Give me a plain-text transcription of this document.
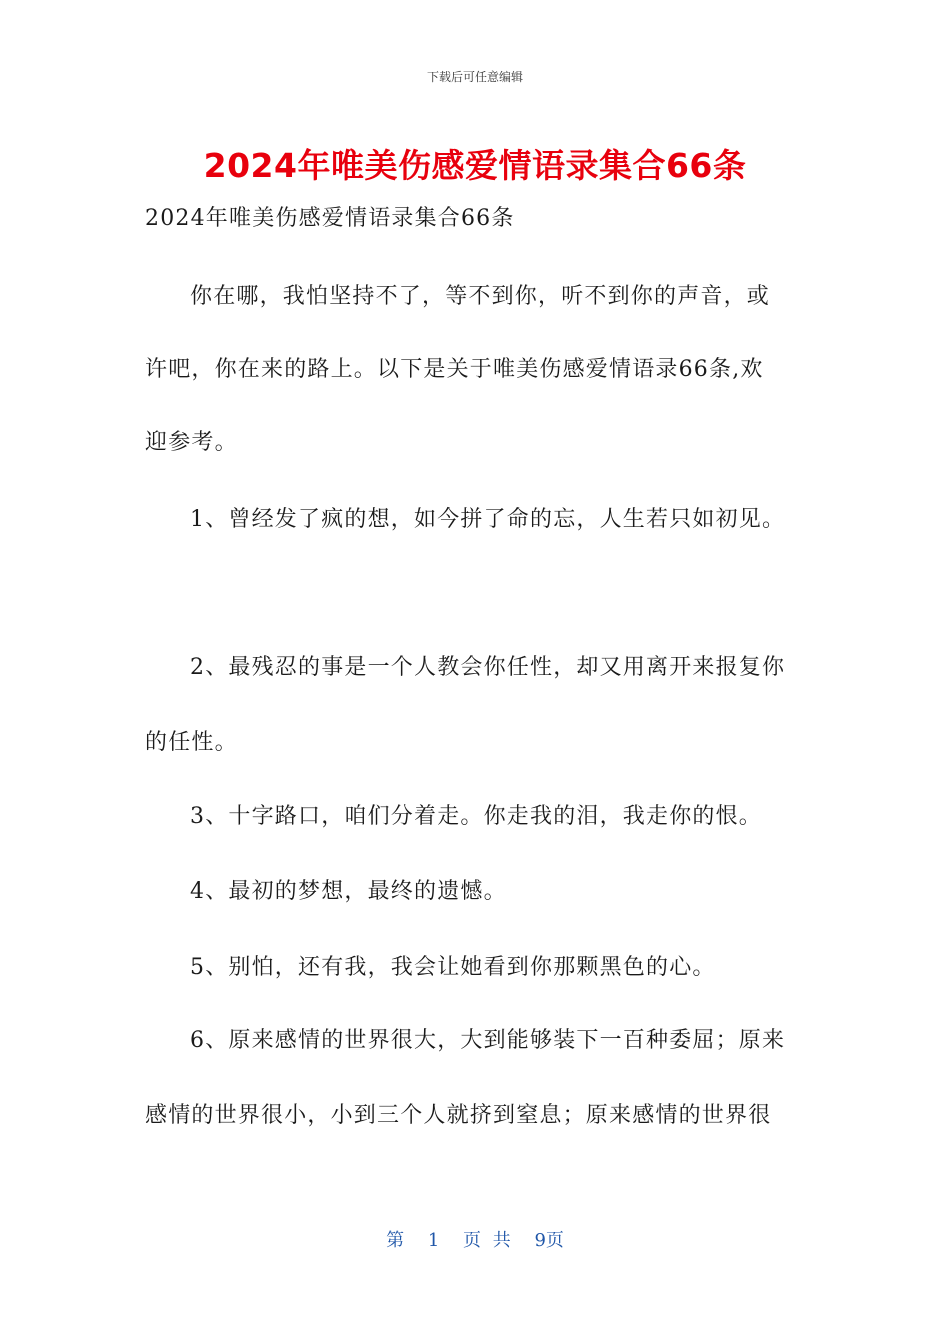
下载后可任意编辑
2024年唯美伤感爱情语录集合66条
2024年唯美伤感爱情语录集合66条
你在哪，我怕坚持不了，等不到你，听不到你的声音，或
许吧，你在来的路上。以下是关于唯美伤感爱情语录66条,欢
迎参考。
1、曾经发了疯的想，如今拼了命的忘，人生若只如初见。
2、最残忍的事是一个人教会你任性，却又用离开来报复你
的任性。
3、十字路口，咱们分着走。你走我的泪，我走你的恨。
4、最初的梦想，最终的遗憾。
5、别怕，还有我，我会让她看到你那颗黑色的心。
6、原来感情的世界很大，大到能够装下一百种委屈；原来
感情的世界很小，小到三个人就挤到窒息；原来感情的世界很
第 1 页 共 9页
